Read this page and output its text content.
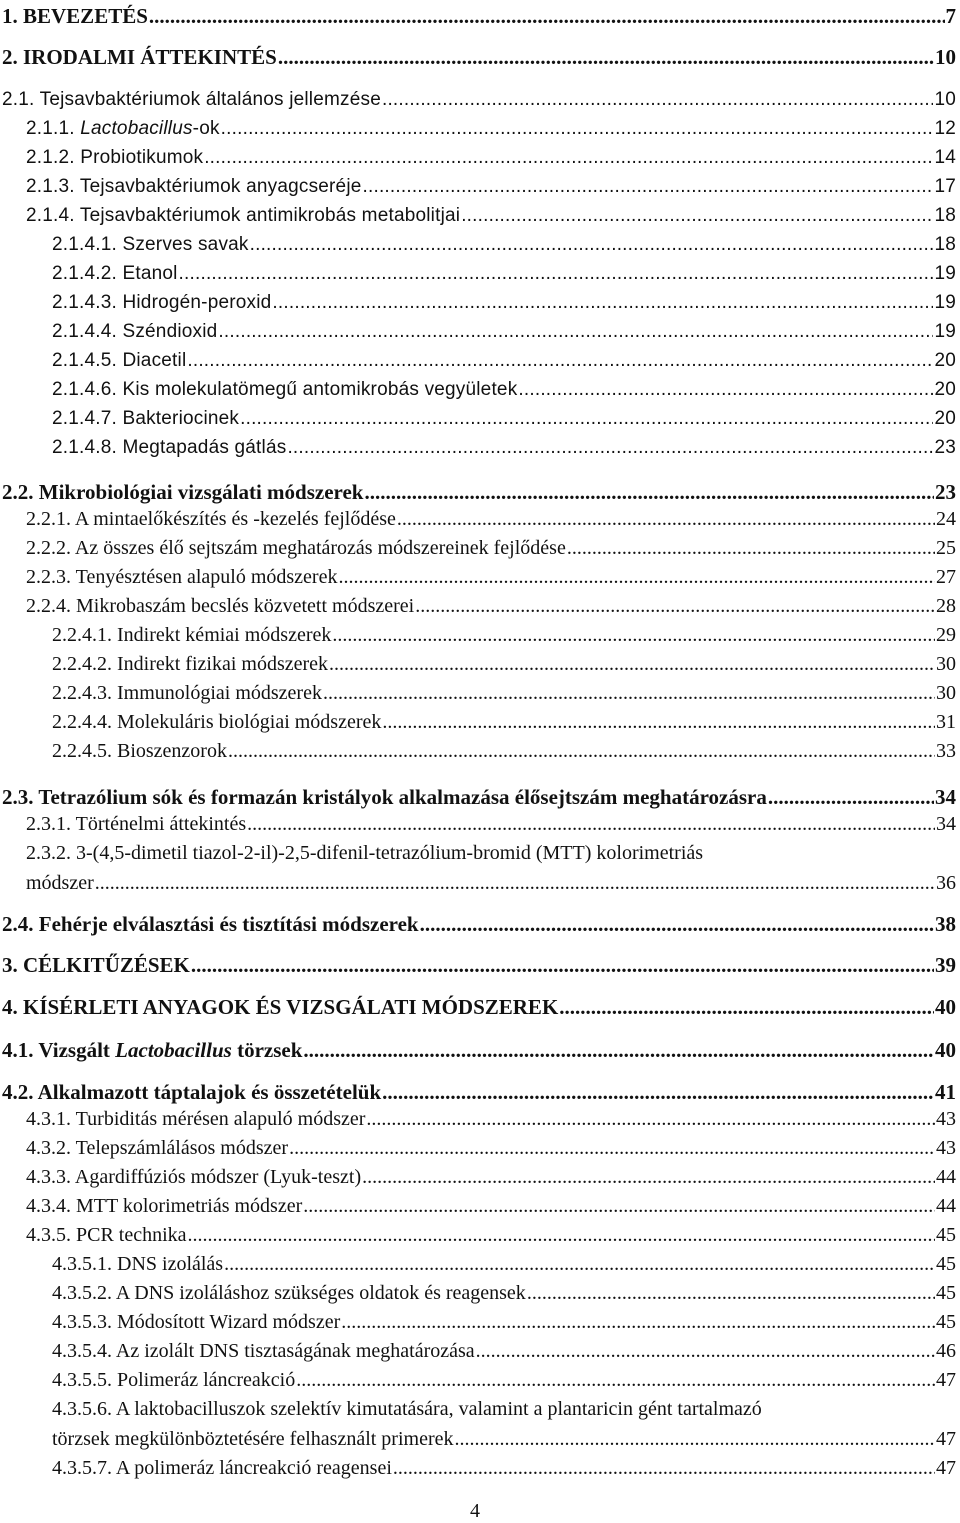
1. BEVEZETÉS .....	7
2. IRODALMI ÁTTEKINTÉS .....	10
2.1. Tejsavbaktériumok általános jellemzése .....	10
2.1.1. Lactobacillus-ok .....	12
2.1.2. Probiotikumok .....	14
2.1.3. Tejsavbaktériumok anyagcseréje .....	17
2.1.4. Tejsavbaktériumok antimikrobás metabolitjai .....	18
2.1.4.1. Szerves savak .....	18
2.1.4.2. Etanol .....	19
2.1.4.3. Hidrogén-peroxid .....	19
2.1.4.4. Széndioxid .....	19
2.1.4.5. Diacetil .....	20
2.1.4.6. Kis molekulatömegű antomikrobás vegyületek .....	20
2.1.4.7. Bakteriocinek .....	20
2.1.4.8. Megtapadás gátlás .....	23
2.2. Mikrobiológiai vizsgálati módszerek .....	23
2.2.1. A mintaelőkészítés és -kezelés fejlődése .....	24
2.2.2. Az összes élő sejtszám meghatározás módszereinek fejlődése .....	25
2.2.3. Tenyésztésen alapuló módszerek .....	27
2.2.4. Mikrobaszám becslés közvetett módszerei .....	28
2.2.4.1. Indirekt kémiai módszerek .....	29
2.2.4.2. Indirekt fizikai módszerek .....	30
2.2.4.3. Immunológiai módszerek .....	30
2.2.4.4. Molekuláris biológiai módszerek .....	31
2.2.4.5. Bioszenzorok .....	33
2.3. Tetrazólium sók és formazán kristályok alkalmazása élősejtszám meghatározásra .....	34
2.3.1. Történelmi áttekintés .....	34
2.3.2. 3-(4,5-dimetil tiazol-2-il)-2,5-difenil-tetrazólium-bromid (MTT) kolorimetriás
módszer .....	36
2.4. Fehérje elválasztási és tisztítási módszerek .....	38
3. CÉLKITŰZÉSEK .....	39
4. KÍSÉRLETI ANYAGOK ÉS VIZSGÁLATI MÓDSZEREK .....	40
4.1. Vizsgált Lactobacillus törzsek .....	40
4.2. Alkalmazott táptalajok és összetételük .....	41
4.3.1. Turbiditás mérésen alapuló módszer .....	43
4.3.2. Telepszámlálásos módszer .....	43
4.3.3. Agardiffúziós módszer (Lyuk-teszt) .....	44
4.3.4. MTT kolorimetriás módszer .....	44
4.3.5. PCR technika .....	45
4.3.5.1. DNS izolálás .....	45
4.3.5.2. A DNS izoláláshoz szükséges oldatok és reagensek .....	45
4.3.5.3. Módosított Wizard módszer .....	45
4.3.5.4. Az izolált DNS tisztaságának meghatározása .....	46
4.3.5.5. Polimeráz láncreakció .....	47
4.3.5.6. A laktobacilluszok szelektív kimutatására, valamint a plantaricin gént tartalmazó
törzsek megkülönböztetésére felhasznált primerek .....	47
4.3.5.7. A polimeráz láncreakció reagensei .....	47
4
